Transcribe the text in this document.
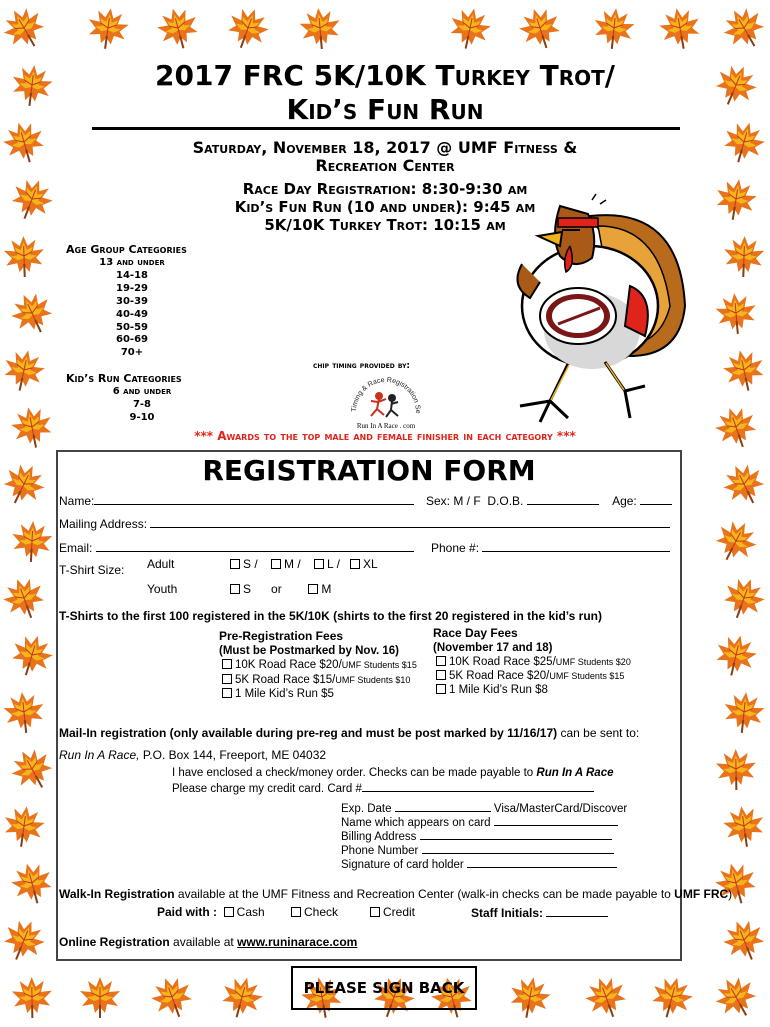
2017 FRC 5K/10K Turkey Trot/
Kid’s Fun Run
Saturday, November 18, 2017 @ UMF Fitness &
Recreation Center
Race Day Registration: 8:30-9:30 am
Kid’s Fun Run (10 and under): 9:45 am
5K/10K Turkey Trot: 10:15 am
Age Group Categories
13 and under
14-18
19-29
30-39
40-49
50-59
60-69
70+
Kid’s Run Categories
6 and under
7-8
9-10
chip timing provided by:
Timing & Race Registration Se
Run In A Race . com
*** Awards to the top male and female finisher in each category ***
REGISTRATION FORM
Name:	Sex: M / F D.O.B.	Age:
Mailing Address:
Email:	Phone #:
T-Shirt Size: Adult	S / M / L / XL
Youth	S or	M
T-Shirts to the first 100 registered in the 5K/10K (shirts to the first 20 registered in the kid’s run)
Pre-Registration Fees
(Must be Postmarked by Nov. 16)
10K Road Race $20/UMF Students $15
5K Road Race $15/UMF Students $10
1 Mile Kid’s Run $5
Race Day Fees
(November 17 and 18)
10K Road Race $25/UMF Students $20
5K Road Race $20/UMF Students $15
1 Mile Kid’s Run $8
Mail-In registration (only available during pre-reg and must be post marked by 11/16/17) can be sent to:
Run In A Race, P.O. Box 144, Freeport, ME 04032
I have enclosed a check/money order. Checks can be made payable to Run In A Race
Please charge my credit card. Card #
Exp. Date	Visa/MasterCard/Discover
Name which appears on card
Billing Address
Phone Number
Signature of card holder
Walk-In Registration available at the UMF Fitness and Recreation Center (walk-in checks can be made payable to UMF FRC)
Paid with : Cash	Check	Credit	Staff Initials:
Online Registration available at www.runinarace.com
PLEASE SIGN BACK
